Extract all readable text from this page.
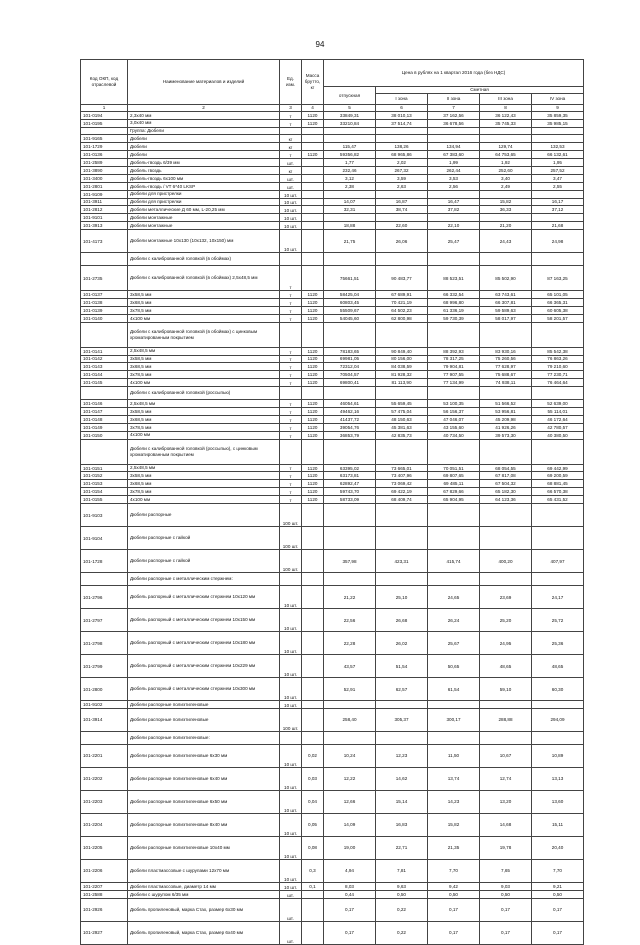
94
Код ОКП, код отраслевой	Наименование материалов и изделий	Ед. изм.	Масса брутто, кг	Цена в рублях на 1 квартал 2016 года (без НДС)				
				отпускная	Сметная			
					I зона	II зона	III зона	IV зона
1	2	3	4	5	6	7	8	9
101-0194	2,3х40 мм	т	1120	33849,31	38 010,13	37 162,56	36 122,43	35 859,35
101-0195	3,0х40 мм	т	1120	33210,84	37 514,74	36 678,56	35 745,33	35 985,15
	Группа: Дюбели							
101-9165	Дюбели	кг						
101-1729	Дюбели	кг		115,47	138,26	134,94	129,74	132,53
101-0136	Дюбели	т	1120	59356,82	68 965,86	67 383,60	64 753,65	66 132,61
101-2589	Дюбель-гвоздь 6/39 мм	шт.		1,77	2,02	1,99	1,92	1,95
101-3890	Дюбель гвоздь	кг		232,46	267,32	262,44	252,60	257,52
101-3400	Дюбель-гвоздь 6х100 мм	шт.		3,12	3,59	3,53	3,40	3,47
101-2801	Дюбель-гвоздь / VT 6*40 LKSP	шт.		2,38	2,63	2,56	2,49	2,55
101-9109	Дюбели для пристрелки	10 шт.						
101-3911	Дюбели для пристрелки	10 шт.		14,07	16,87	16,47	15,82	16,17
101-2812	Дюбели металлические Д 60 мм, L-20,25 мм	10 шт.		32,31	38,74	37,82	36,33	37,12
101-9101	Дюбели монтажные	10 шт.						
101-3913	Дюбели монтажные	10 шт.		18,88	22,60	22,10	21,20	21,68
101-4173	Дюбели монтажные 10х130 (10х132, 10х150) мм	10 шт.		21,75	26,06	25,47	24,43	24,98
	Дюбели с калиброванной головкой (в обоймах)							
101-2735	Дюбели с калиброванной головкой (в обоймах) 2,5х48,5 мм	т		75661,51	90 483,77	88 523,51	85 502,90	87 163,25
101-0137	3х58,5 мм	т	1120	58425,04	67 689,91	66 332,54	63 743,61	65 101,05
101-0138	3х68,5 мм	т	1120	60803,45	70 421,19	68 996,80	66 307,81	66 365,31
101-0139	3х78,5 мм	т	1120	55509,67	64 502,23	61 336,19	59 589,63	60 605,38
101-0140	4х100 мм	т	1120	54045,60	62 800,98	59 730,39	58 017,97	58 201,57
	Дюбели с калиброванной головкой (в обоймах) с цинковым хроматированным покрытием							
101-0141	2,5х48,5 мм	т	1120	78183,65	90 849,40	88 392,93	83 930,16	85 542,38
101-0142	3х58,5 мм	т	1120	69981,05	80 156,00	78 317,25	75 260,56	76 863,26
101-0143	3х68,5 мм	т	1120	72312,04	84 038,59	79 904,81	77 628,97	79 210,60
101-0144	3х78,5 мм	т	1120	70504,57	81 928,32	77 907,55	75 688,67	77 230,71
101-0145	4х100 мм	т	1120	69800,41	81 113,90	77 134,99	74 938,11	76 464,64
	Дюбели с калиброванной головкой (россыпью)							
101-0146	2,5х48,5 мм	т	1120	46054,61	55 659,45	53 100,35	51 566,52	52 639,00
101-0147	3х58,5 мм	т	1120	49462,16	57 475,04	56 156,37	53 956,81	55 114,01
101-0148	3х68,5 мм	т	1120	41437,72	48 150,63	47 046,07	45 209,98	46 172,64
101-0149	3х78,5 мм	т	1120	39054,76	45 381,63	43 155,60	41 926,26	42 780,57
101-0150	4х100 мм	т	1120	36853,79	42 835,73	40 734,50	39 573,30	40 380,50
	Дюбели с калиброванной головкой (россыпью), с цинковым хроматированным покрытием							
101-0151	2,5х48,5 мм	т	1120	63395,02	73 665,01	70 051,51	68 054,55	69 442,99
101-0152	3х58,5 мм	т	1120	63173,81	73 407,96	69 807,65	67 817,08	69 200,59
101-0153	3х68,5 мм	т	1120	62892,47	73 069,42	69 485,11	67 504,32	68 881,45
101-0154	3х78,5 мм	т	1120	59743,70	69 422,19	67 829,66	65 182,30	66 570,38
101-0155	4х100 мм	т	1120	58733,09	68 409,74	65 904,95	64 123,36	65 431,52
101-9103	Дюбели распорные	100 шт.						
101-9104	Дюбели распорные с гайкой	100 шт.						
101-1728	Дюбели распорные с гайкой	100 шт.		357,98	423,31	415,74	400,20	407,97
	Дюбели распорные с металлическим стержнем:							
101-2796	Дюбель распорный с металлическим стержнем 10х120 мм	10 шт.		21,22	25,10	24,65	23,69	24,17
101-2797	Дюбель распорный с металлическим стержнем 10х150 мм	10 шт.		22,56	26,68	26,24	25,20	25,72
101-2798	Дюбель распорный с металлическим стержнем 10х180 мм	10 шт.		22,28	26,02	25,67	24,95	25,36
101-2799	Дюбель распорный с металлическим стержнем 10х229 мм	10 шт.		43,57	51,54	50,65	48,65	48,65
101-2800	Дюбель распорный с металлическим стержнем 10х300 мм	10 шт.		52,91	62,57	61,54	59,10	60,30
101-9102	Дюбели распорные полиэтиленовые	10 шт.						
101-3914	Дюбели распорные полиэтиленовые	100 шт.		258,40	305,37	300,17	288,88	294,09
	Дюбели распорные полиэтиленовые:							
101-2201	Дюбели распорные полиэтиленовые 6х30 мм	10 шт.	0,02	10,24	12,23	11,50	10,67	10,89
101-2202	Дюбели распорные полиэтиленовые 6х40 мм	10 шт.	0,03	12,22	14,62	13,74	12,74	13,13
101-2203	Дюбели распорные полиэтиленовые 6х50 мм	10 шт.	0,04	12,66	15,14	14,23	13,20	13,60
101-2204	Дюбели распорные полиэтиленовые 8х40 мм	10 шт.	0,05	14,09	16,83	15,82	14,68	15,11
101-2205	Дюбели распорные полиэтиленовые 10х40 мм	10 шт.	0,08	19,00	22,71	21,35	19,78	20,40
101-2206	Дюбели пластмассовые с шурупами 12х70 мм	10 шт.	0,3	4,94	7,81	7,70	7,65	7,70
101-2207	Дюбели пластмассовые, диаметр 14 мм	10 шт.	0,1	8,03	9,63	9,42	9,03	9,21
101-2588	Дюбели с шурупом 6/35 мм	шт.		0,44	0,50	0,50	0,50	0,50
101-2926	Дюбель пропиленовый, марка Стах, размер 6х30 мм	шт.		0,17	0,22	0,17	0,17	0,17
101-2927	Дюбель пропиленовый, марка Стах, размер 6х40 мм	шт.		0,17	0,22	0,17	0,17	0,17
